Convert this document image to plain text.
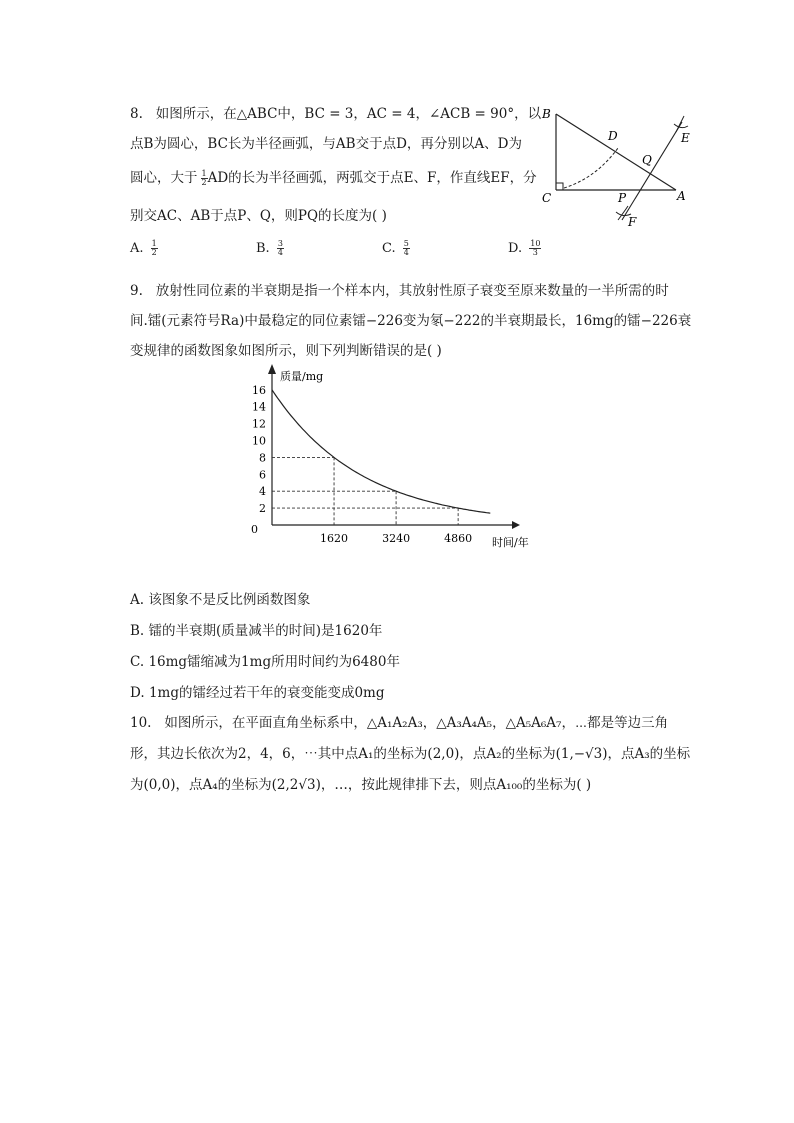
8. 如图所示，在△ABC中，BC = 3，AC = 4，∠ACB = 90°，以
点B为圆心，BC长为半径画弧，与AB交于点D，再分别以A、D为
圆心，大于 $\frac{1}{2}$ AD的长为半径画弧，两弧交于点E、F，作直线EF，分
别交AC、AB于点P、Q，则PQ的长度为( )
A. $\frac{1}{2}$	B. $\frac{3}{4}$	C. $\frac{5}{4}$	D. $\frac{10}{3}$
B
C	A
D	E
Q
P
F
9. 放射性同位素的半衰期是指一个样本内，其放射性原子衰变至原来数量的一半所需的时
间.镭(元素符号Ra)中最稳定的同位素镭−226变为氡−222的半衰期最长，16mg的镭−226衰
变规律的函数图象如图所示，则下列判断错误的是( )
质量/mg
时间/年
2
4
6
8
10
12
14
16
0
1620	3240	4860
A. 该图象不是反比例函数图象
B. 镭的半衰期(质量减半的时间)是1620年
C. 16mg镭缩减为1mg所用时间约为6480年
D. 1mg的镭经过若干年的衰变能变成0mg
10. 如图所示，在平面直角坐标系中，△A₁A₂A₃，△A₃A₄A₅，△A₅A₆A₇，⋯都是等边三角
形，其边长依次为2，4，6，⋯其中点A₁的坐标为(2,0)，点A₂的坐标为(1,−√3)，点A₃的坐标
为(0,0)，点A₄的坐标为(2,2√3)，…，按此规律排下去，则点A₁₀₀的坐标为( )
